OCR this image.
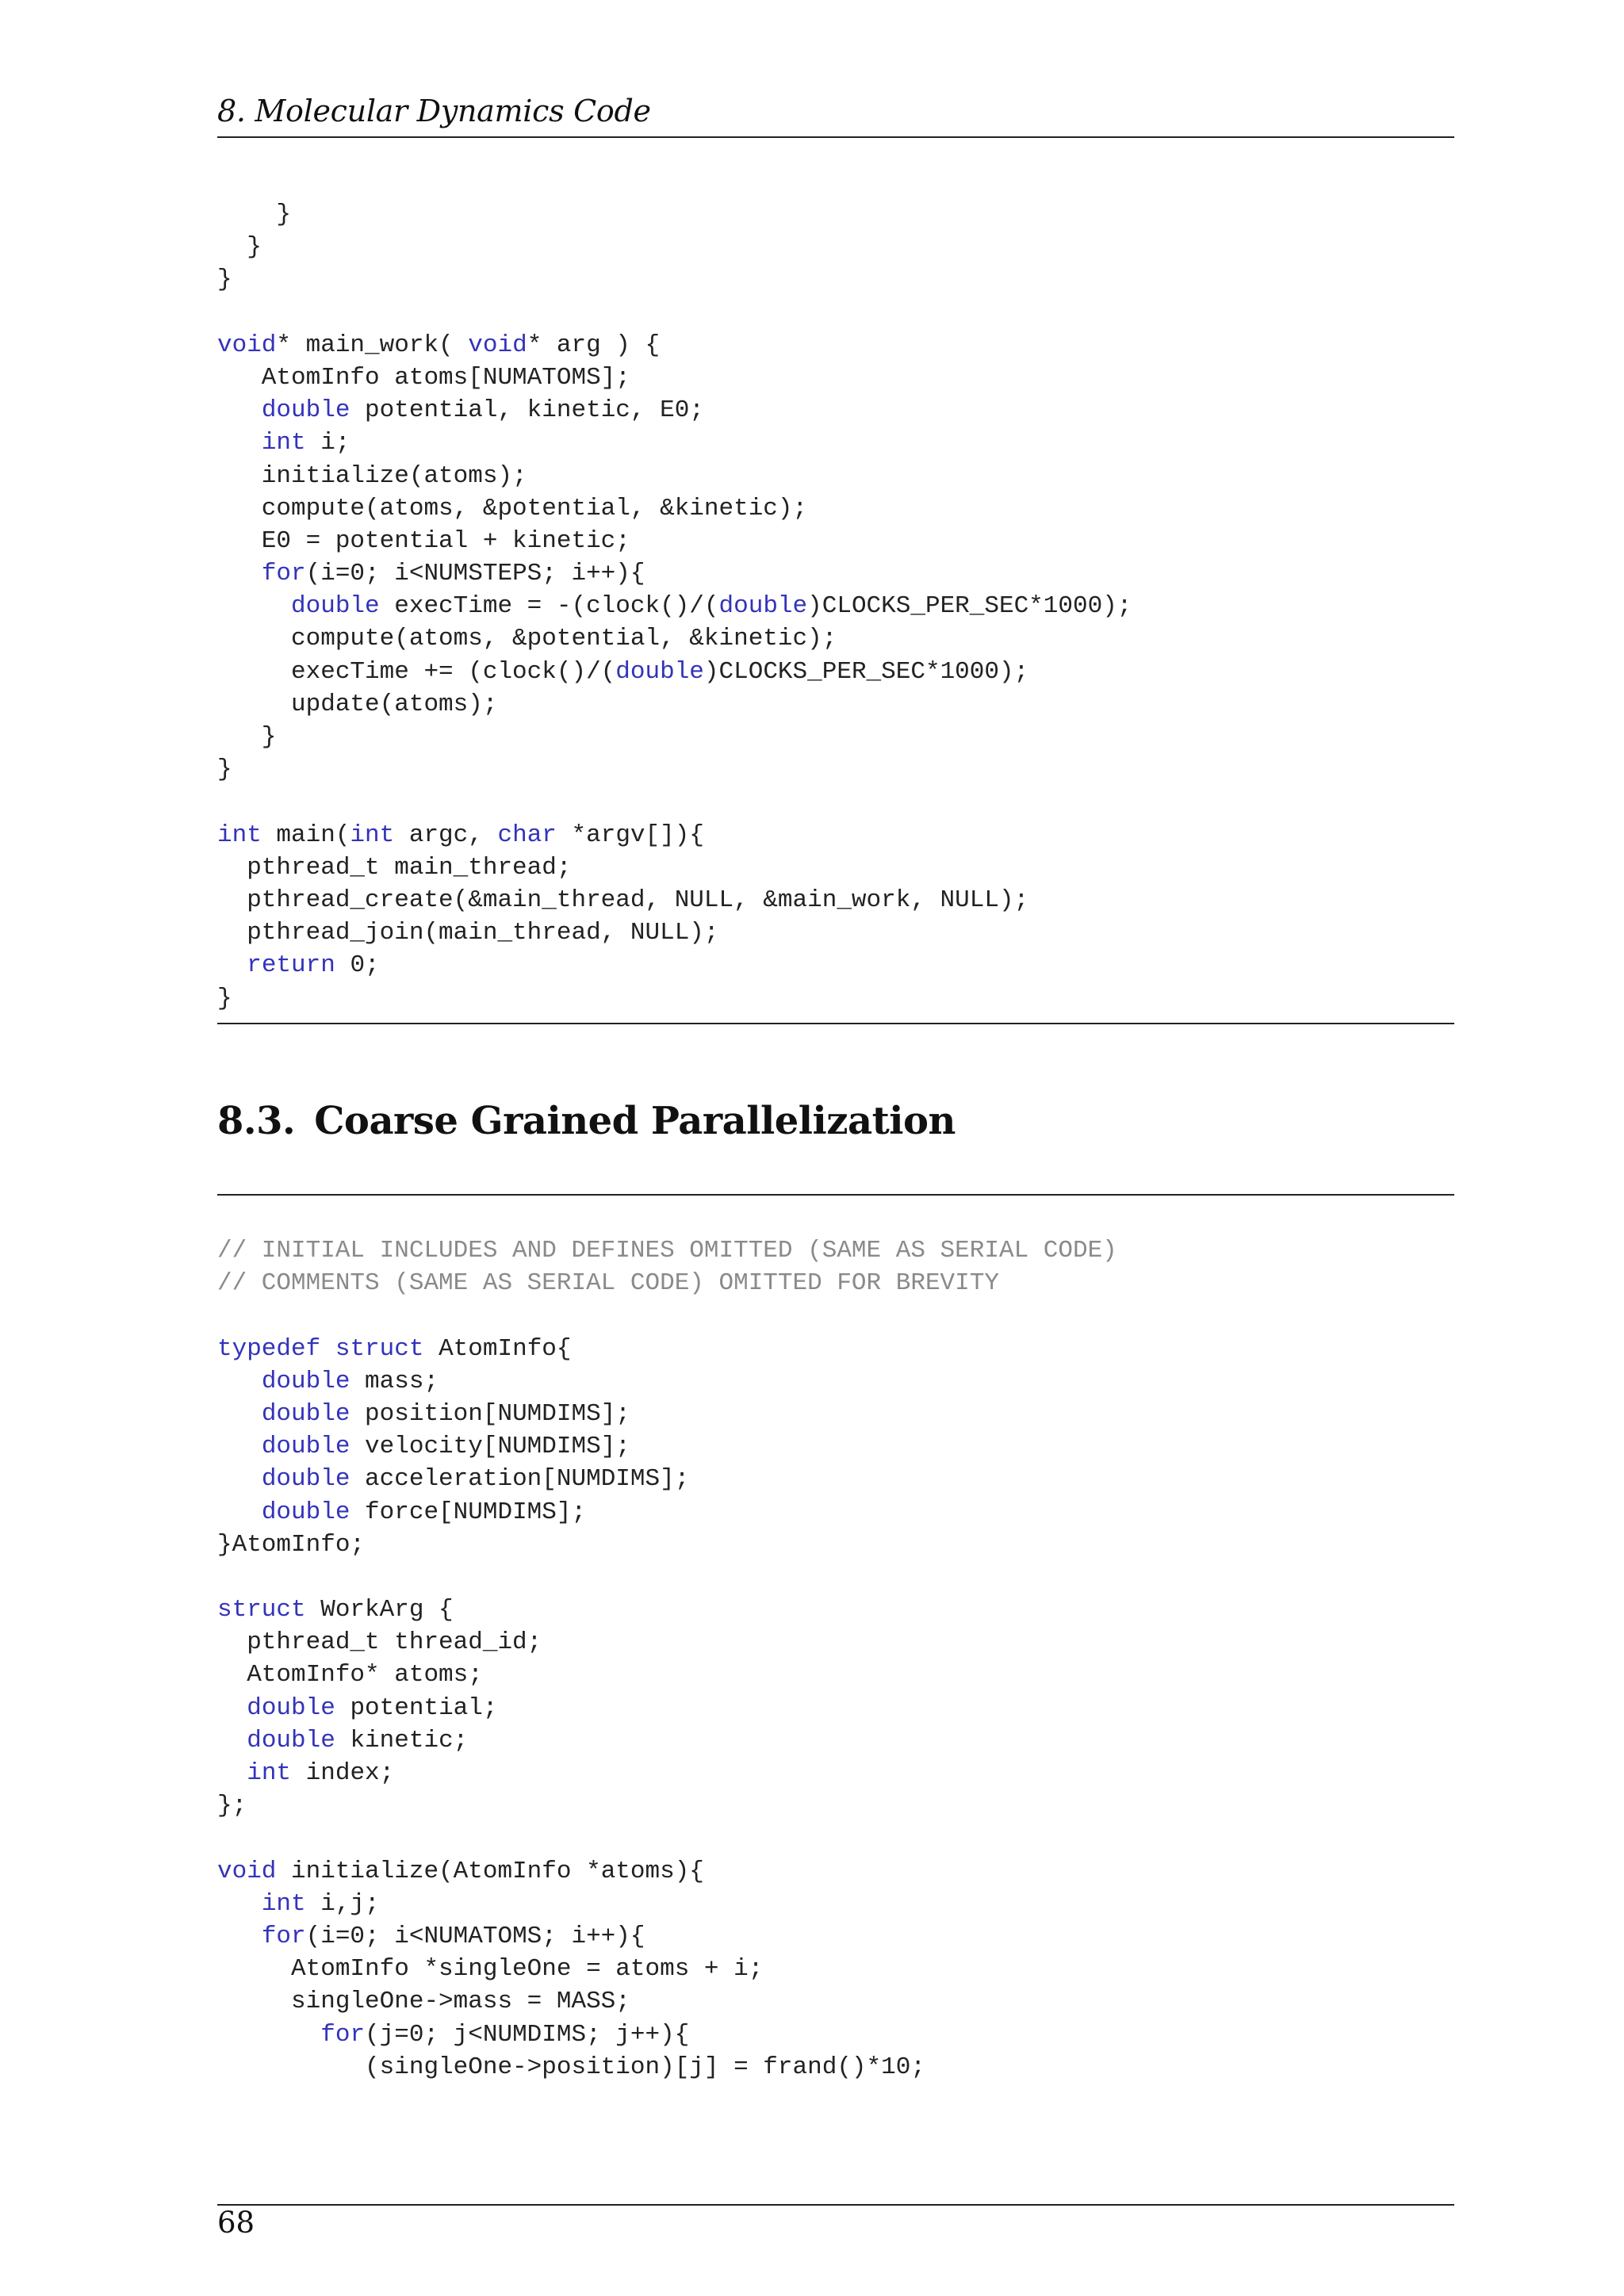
8. Molecular Dynamics Code
}
}
}
void* main_work( void* arg ) {
AtomInfo atoms[NUMATOMS];
double potential, kinetic, E0;
int i;
initialize(atoms);
compute(atoms, &potential, &kinetic);
E0 = potential + kinetic;
for(i=0; i<NUMSTEPS; i++){
double execTime = -(clock()/(double)CLOCKS_PER_SEC*1000);
compute(atoms, &potential, &kinetic);
execTime += (clock()/(double)CLOCKS_PER_SEC*1000);
update(atoms);
}
}
int main(int argc, char *argv[]){
pthread_t main_thread;
pthread_create(&main_thread, NULL, &main_work, NULL);
pthread_join(main_thread, NULL);
return 0;
}
8.3. Coarse Grained Parallelization
// INITIAL INCLUDES AND DEFINES OMITTED (SAME AS SERIAL CODE)
// COMMENTS (SAME AS SERIAL CODE) OMITTED FOR BREVITY
typedef struct AtomInfo{
double mass;
double position[NUMDIMS];
double velocity[NUMDIMS];
double acceleration[NUMDIMS];
double force[NUMDIMS];
}AtomInfo;
struct WorkArg {
pthread_t thread_id;
AtomInfo* atoms;
double potential;
double kinetic;
int index;
};
void initialize(AtomInfo *atoms){
int i,j;
for(i=0; i<NUMATOMS; i++){
AtomInfo *singleOne = atoms + i;
singleOne->mass = MASS;
for(j=0; j<NUMDIMS; j++){
(singleOne->position)[j] = frand()*10;
68
